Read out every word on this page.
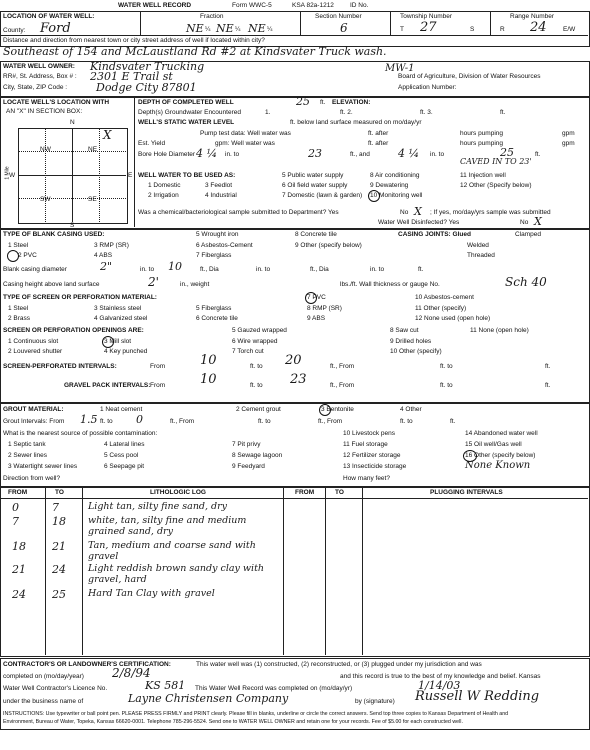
WATER WELL RECORD	Form WWC-5	KSA 82a-1212 ID No.
LOCATION OF WATER WELL:
County: Ford
Fraction
NE ¼ NE ¼ NE ¼
Section Number
6
Township Number
T 27	S
Range Number
R 24	E/W
Distance and direction from nearest town or city street address of well if located within city?
Southeast of 154 and McLaustland Rd #2 at Kindsvater Truck wash.
WATER WELL OWNER: Kindsvater Trucking	MW-1
RR#, St. Address, Box # : 2301 E Trail st	Board of Agriculture, Division of Water Resources
City, State, ZIP Code :	Dodge City 87801	Application Number:
LOCATE WELL'S LOCATION WITH
AN "X" IN SECTION BOX:
N
S
W	E
NW	NE
SW	SE
X
1 Mile
DEPTH OF COMPLETED WELL	25 ft. ELEVATION:
Depth(s) Groundwater Encountered	1.	ft. 2.	ft. 3.	ft.
WELL'S STATIC WATER LEVEL	ft. below land surface measured on mo/day/yr
Pump test data: Well water was	ft. after	hours pumping	gpm
Est. Yield	gpm: Well water was	ft. after	hours pumping	gpm
Bore Hole Diameter 4 ¼ in. to	23	ft., and	4 ¼ in. to	25	ft.
CAVED IN TO 23'
WELL WATER TO BE USED AS:
1 Domestic	3 Feedlot
5 Public water supply	8 Air conditioning	11 Injection well
2 Irrigation	4 Industrial	7 Domestic (lawn & garden) 10 Monitoring well
6 Oil field water supply	9 Dewatering	12 Other (Specify below)
Was a chemical/bacteriological sample submitted to Department? Yes	No X ; If yes, mo/day/yrs sample was submitted
Water Well Disinfected? Yes	No X
TYPE OF BLANK CASING USED:
1 Steel	3 RMP (SR)
5 Wrought iron	8 Concrete tile
2 PVC	4 ABS
6 Asbestos-Cement
7 Fiberglass
9 Other (specify below)
CASING JOINTS: Glued	Clamped
Welded
Threaded
Blank casing diameter	2"	in. to 10	ft., Dia	in. to	ft., Dia	in. to	ft.
Casing height above land surface	2'	in., weight	lbs./ft. Wall thickness or gauge No.	Sch 40
TYPE OF SCREEN OR PERFORATION MATERIAL:
1 Steel	3 Stainless steel	5 Fiberglass
7 PVC	10 Asbestos-cement
2 Brass	4 Galvanized steel	6 Concrete tile
8 RMP (SR)
9 ABS
11 Other (specify)
12 None used (open hole)
SCREEN OR PERFORATION OPENINGS ARE:
1 Continuous slot	3 Mill slot
5 Gauzed wrapped	8 Saw cut	11 None (open hole)
2 Louvered shutter	4 Key punched
6 Wire wrapped
7 Torch cut
9 Drilled holes
10 Other (specify)
SCREEN-PERFORATED INTERVALS:	From	10	ft. to 20	ft., From	ft. to	ft.
GRAVEL PACK INTERVALS: From	10	ft. to 23	ft., From	ft. to	ft.
GROUT MATERIAL:	1 Neat cement	2 Cement grout	3 Bentonite	4 Other
Grout Intervals: From 1.5 ft. to 0	ft., From	ft. to	ft., From	ft. to	ft.
What is the nearest source of possible contamination:
1 Septic tank	4 Lateral lines	7 Pit privy
10 Livestock pens	14 Abandoned water well
2 Sewer lines	5 Cess pool	8 Sewage lagoon
11 Fuel storage	15 Oil well/Gas well
3 Watertight sewer lines	6 Seepage pit	9 Feedyard
12 Fertilizer storage	16 Other (specify below)
13 Insecticide storage	None Known
Direction from well?	How many feet?
FROM	TO	LITHOLOGIC LOG	FROM	TO	PLUGGING INTERVALS
0	7	Light tan, silty fine sand, dry
7	18 white, tan, silty fine and medium grained sand, dry
18 21 Tan, medium and coarse sand with gravel
21 24 Light reddish brown sandy clay with gravel, hard
24 25 Hard Tan Clay with gravel
CONTRACTOR'S OR LANDOWNER'S CERTIFICATION:	This water well was (1) constructed, (2) reconstructed, or (3) plugged under my jurisdiction and was
completed on (mo/day/year) 2/8/94	and this record is true to the best of my knowledge and belief. Kansas
Water Well Contractor's Licence No.	KS 581 This Water Well Record was completed on (mo/day/yr)	1/14/03
under the business name of	Layne Christensen Company	by (signature) Russell W Redding
INSTRUCTIONS: Use typewriter or ball point pen. PLEASE PRESS FIRMLY and PRINT clearly. Please fill in blanks, underline or circle the correct answers. Send top three copies to Kansas Department of Health and
Environment, Bureau of Water, Topeka, Kansas 66620-0001. Telephone 785-296-5524. Send one to WATER WELL OWNER and retain one for your records. Fee of $5.00 for each constructed well.
